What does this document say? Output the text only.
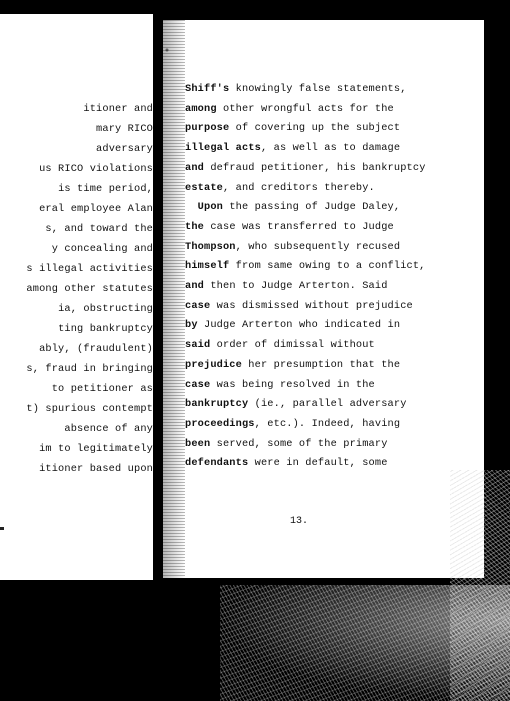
itioner and
mary RICO
adversary
us RICO violations
is time period,
eral employee Alan
s, and toward the
y concealing and
s illegal activities
among other statutes
ia, obstructing
ting bankruptcy
ably, (fraudulent)
s, fraud in bringing
to petitioner as
t) spurious contempt
absence of any
im to legitimately
itioner based upon
Shiff's knowingly false statements,
among other wrongful acts for the
purpose of covering up the subject
illegal acts, as well as to damage
and defraud petitioner, his bankruptcy
estate, and creditors thereby.
Upon the passing of Judge Daley,
the case was transferred to Judge
Thompson, who subsequently recused
himself from same owing to a conflict,
and then to Judge Arterton. Said
case was dismissed without prejudice
by Judge Arterton who indicated in
said order of dimissal without
prejudice her presumption that the
case was being resolved in the
bankruptcy (ie., parallel adversary
proceedings, etc.). Indeed, having
been served, some of the primary
defendants were in default, some
13.
